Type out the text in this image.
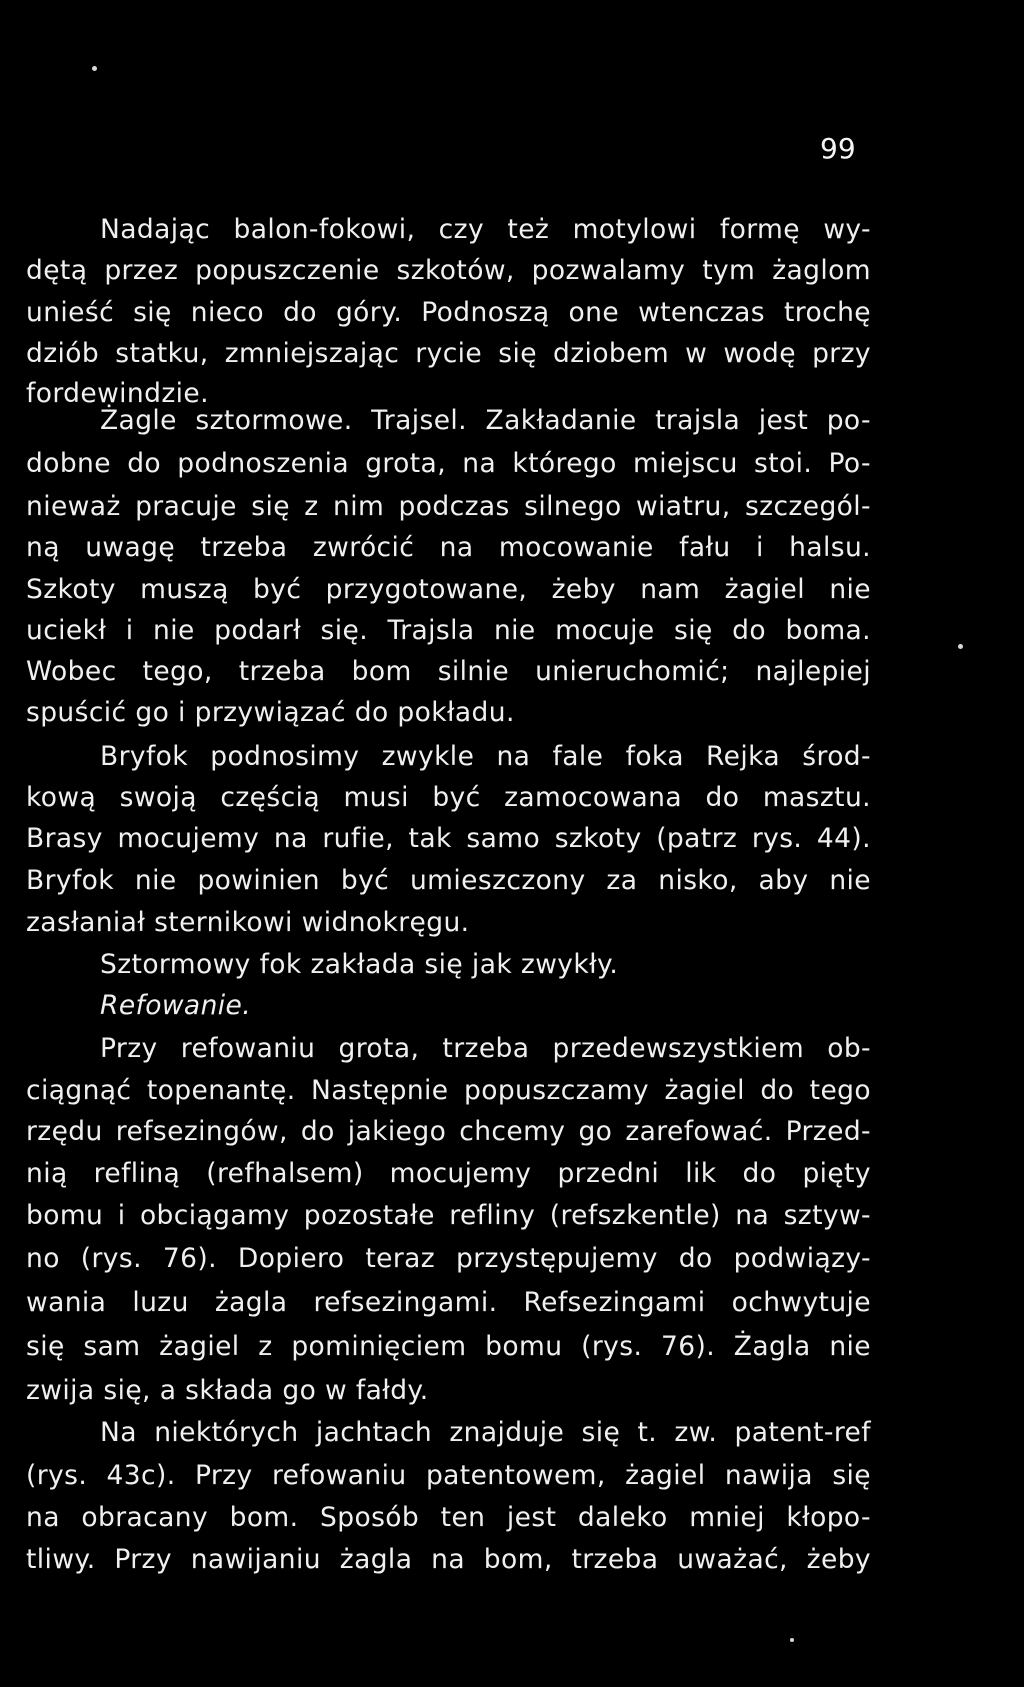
99
Nadając balon-fokowi, czy też motylowi formę wy-
dętą przez popuszczenie szkotów, pozwalamy tym żaglom
unieść się nieco do góry. Podnoszą one wtenczas trochę
dziób statku, zmniejszając rycie się dziobem w wodę przy
fordewindzie.
Żagle sztormowe. Trajsel. Zakładanie trajsla jest po-
dobne do podnoszenia grota, na którego miejscu stoi. Po-
nieważ pracuje się z nim podczas silnego wiatru, szczegól-
ną uwagę trzeba zwrócić na mocowanie fału i halsu.
Szkoty muszą być przygotowane, żeby nam żagiel nie
uciekł i nie podarł się. Trajsla nie mocuje się do boma.
Wobec tego, trzeba bom silnie unieruchomić; najlepiej
spuścić go i przywiązać do pokładu.
Bryfok podnosimy zwykle na fale foka Rejka środ-
kową swoją częścią musi być zamocowana do masztu.
Brasy mocujemy na rufie, tak samo szkoty (patrz rys. 44).
Bryfok nie powinien być umieszczony za nisko, aby nie
zasłaniał sternikowi widnokręgu.
Sztormowy fok zakłada się jak zwykły.
Refowanie.
Przy refowaniu grota, trzeba przedewszystkiem ob-
ciągnąć topenantę. Następnie popuszczamy żagiel do tego
rzędu refsezingów, do jakiego chcemy go zarefować. Przed-
nią refliną (refhalsem) mocujemy przedni lik do pięty
bomu i obciągamy pozostałe refliny (refszkentle) na sztyw-
no (rys. 76). Dopiero teraz przystępujemy do podwiązy-
wania luzu żagla refsezingami. Refsezingami ochwytuje
się sam żagiel z pominięciem bomu (rys. 76). Żagla nie
zwija się, a składa go w fałdy.
Na niektórych jachtach znajduje się t. zw. patent-ref
(rys. 43c). Przy refowaniu patentowem, żagiel nawija się
na obracany bom. Sposób ten jest daleko mniej kłopo-
tliwy. Przy nawijaniu żagla na bom, trzeba uważać, żeby
